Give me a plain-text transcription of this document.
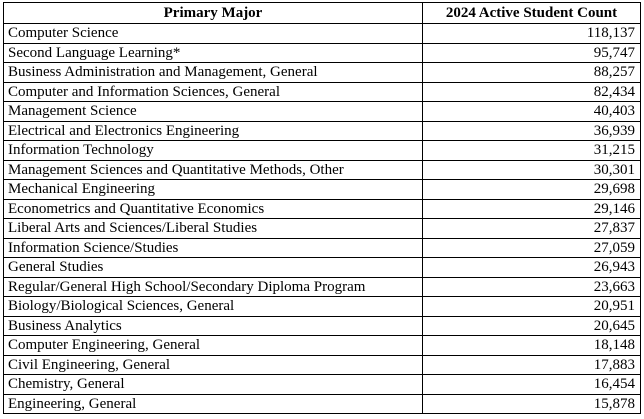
Primary Major	2024 Active Student Count
Computer Science	118,137
Second Language Learning*	95,747
Business Administration and Management, General	88,257
Computer and Information Sciences, General	82,434
Management Science	40,403
Electrical and Electronics Engineering	36,939
Information Technology	31,215
Management Sciences and Quantitative Methods, Other	30,301
Mechanical Engineering	29,698
Econometrics and Quantitative Economics	29,146
Liberal Arts and Sciences/Liberal Studies	27,837
Information Science/Studies	27,059
General Studies	26,943
Regular/General High School/Secondary Diploma Program	23,663
Biology/Biological Sciences, General	20,951
Business Analytics	20,645
Computer Engineering, General	18,148
Civil Engineering, General	17,883
Chemistry, General	16,454
Engineering, General	15,878
